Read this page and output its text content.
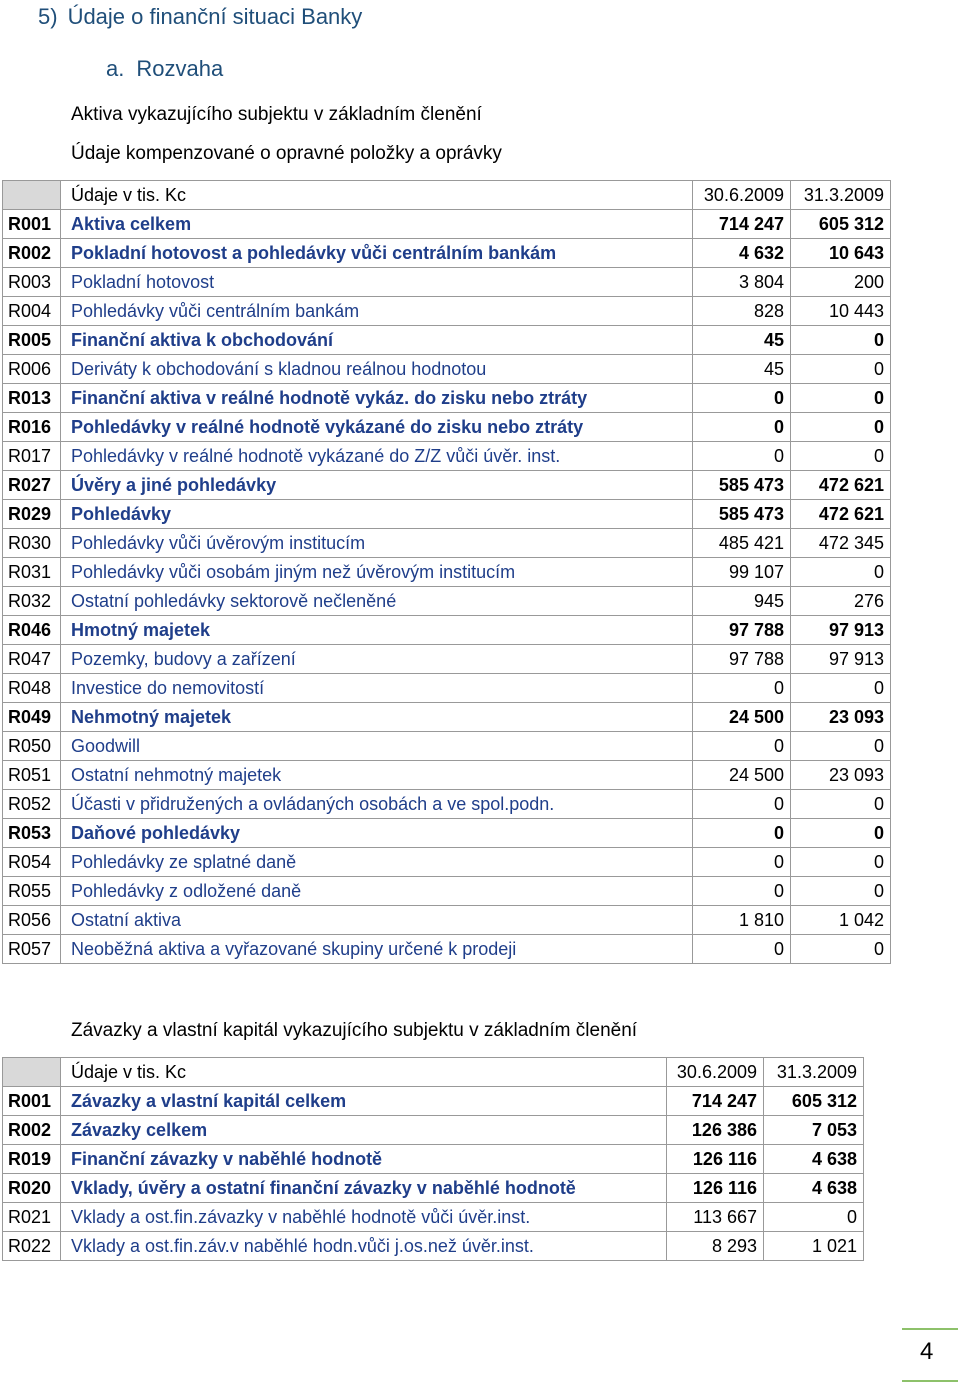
5) Údaje o finanční situaci Banky
a. Rozvaha
Aktiva vykazujícího subjektu v základním členění
Údaje kompenzované o opravné položky a oprávky
	Údaje v tis. Kc	30.6.2009	31.3.2009
R001	Aktiva celkem	714 247	605 312
R002	Pokladní hotovost a pohledávky vůči centrálním bankám	4 632	10 643
R003	Pokladní hotovost	3 804	200
R004	Pohledávky vůči centrálním bankám	828	10 443
R005	Finanční aktiva k obchodování	45	0
R006	Deriváty k obchodování s kladnou reálnou hodnotou	45	0
R013	Finanční aktiva v reálné hodnotě vykáz. do zisku nebo ztráty	0	0
R016	Pohledávky v reálné hodnotě vykázané do zisku nebo ztráty	0	0
R017	Pohledávky v reálné hodnotě vykázané do Z/Z vůči úvěr. inst.	0	0
R027	Úvěry a jiné pohledávky	585 473	472 621
R029	Pohledávky	585 473	472 621
R030	Pohledávky vůči úvěrovým institucím	485 421	472 345
R031	Pohledávky vůči osobám jiným než úvěrovým institucím	99 107	0
R032	Ostatní pohledávky sektorově nečleněné	945	276
R046	Hmotný majetek	97 788	97 913
R047	Pozemky, budovy a zařízení	97 788	97 913
R048	Investice do nemovitostí	0	0
R049	Nehmotný majetek	24 500	23 093
R050	Goodwill	0	0
R051	Ostatní nehmotný majetek	24 500	23 093
R052	Účasti v přidružených a ovládaných osobách a ve spol.podn.	0	0
R053	Daňové pohledávky	0	0
R054	Pohledávky ze splatné daně	0	0
R055	Pohledávky z odložené daně	0	0
R056	Ostatní aktiva	1 810	1 042
R057	Neoběžná aktiva a vyřazované skupiny určené k prodeji	0	0
Závazky a vlastní kapitál vykazujícího subjektu v základním členění
	Údaje v tis. Kc	30.6.2009	31.3.2009
R001	Závazky a vlastní kapitál celkem	714 247	605 312
R002	Závazky celkem	126 386	7 053
R019	Finanční závazky v naběhlé hodnotě	126 116	4 638
R020	Vklady, úvěry a ostatní finanční závazky v naběhlé hodnotě	126 116	4 638
R021	Vklady a ost.fin.závazky v naběhlé hodnotě vůči úvěr.inst.	113 667	0
R022	Vklady a ost.fin.záv.v naběhlé hodn.vůči j.os.než úvěr.inst.	8 293	1 021
4
